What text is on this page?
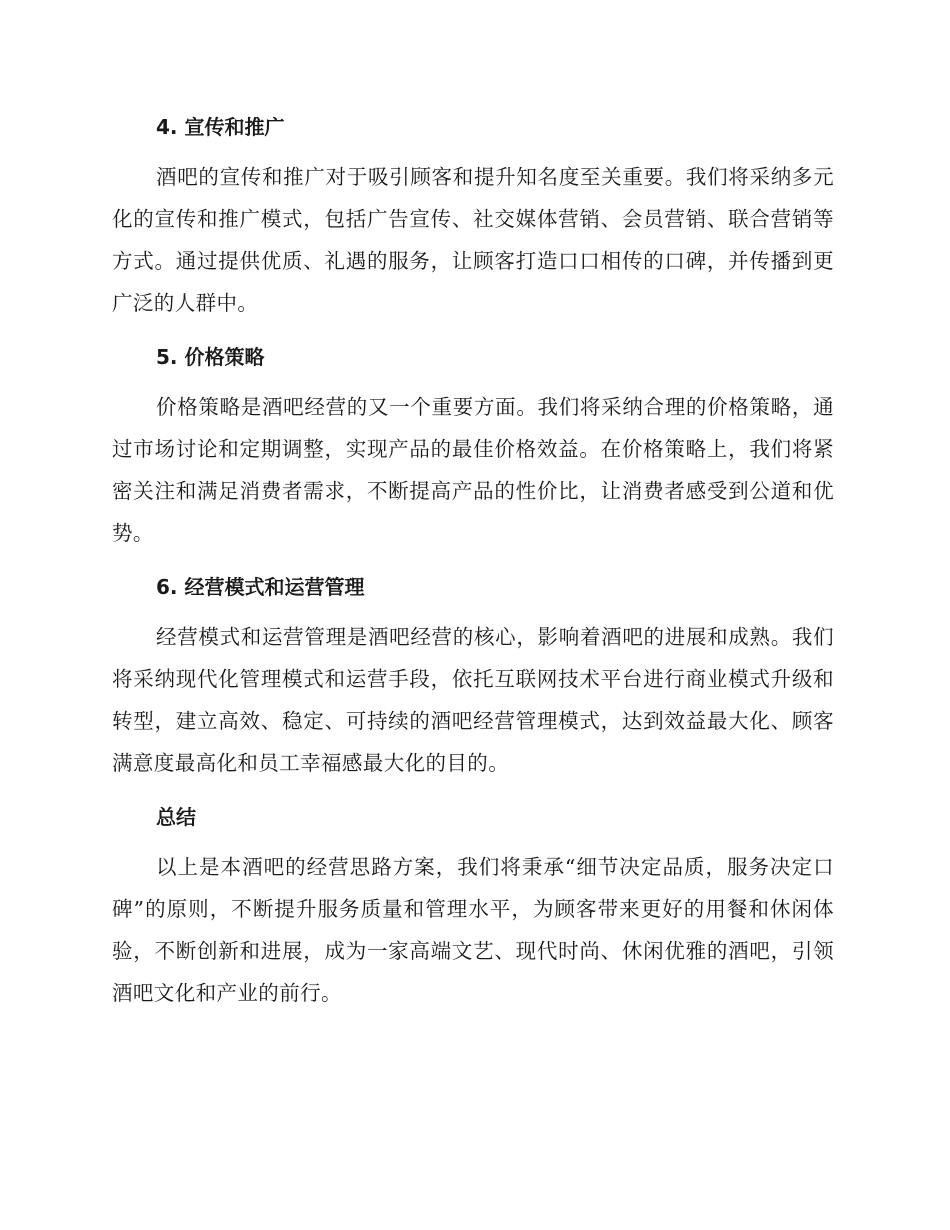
4. 宣传和推广

酒吧的宣传和推广对于吸引顾客和提升知名度至关重要。我们将采纳多元化的宣传和推广模式，包括广告宣传、社交媒体营销、会员营销、联合营销等方式。通过提供优质、礼遇的服务，让顾客打造口口相传的口碑，并传播到更广泛的人群中。

5. 价格策略

价格策略是酒吧经营的又一个重要方面。我们将采纳合理的价格策略，通过市场讨论和定期调整，实现产品的最佳价格效益。在价格策略上，我们将紧密关注和满足消费者需求，不断提高产品的性价比，让消费者感受到公道和优势。

6. 经营模式和运营管理

经营模式和运营管理是酒吧经营的核心，影响着酒吧的进展和成熟。我们将采纳现代化管理模式和运营手段，依托互联网技术平台进行商业模式升级和转型，建立高效、稳定、可持续的酒吧经营管理模式，达到效益最大化、顾客满意度最高化和员工幸福感最大化的目的。

总结

以上是本酒吧的经营思路方案，我们将秉承“细节决定品质，服务决定口碑”的原则，不断提升服务质量和管理水平，为顾客带来更好的用餐和休闲体验，不断创新和进展，成为一家高端文艺、现代时尚、休闲优雅的酒吧，引领酒吧文化和产业的前行。
